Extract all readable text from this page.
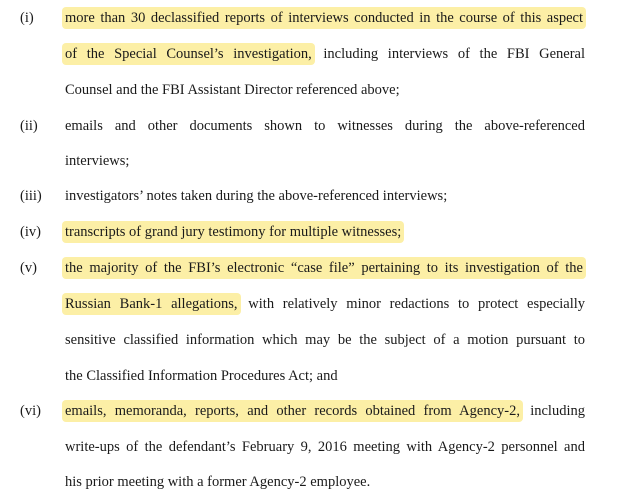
(i) more than 30 declassified reports of interviews conducted in the course of this aspect
of the Special Counsel’s investigation, including interviews of the FBI General
Counsel and the FBI Assistant Director referenced above;
(ii) emails and other documents shown to witnesses during the above-referenced
interviews;
(iii) investigators’ notes taken during the above-referenced interviews;
(iv) transcripts of grand jury testimony for multiple witnesses;
(v) the majority of the FBI’s electronic “case file” pertaining to its investigation of the
Russian Bank-1 allegations, with relatively minor redactions to protect especially
sensitive classified information which may be the subject of a motion pursuant to
the Classified Information Procedures Act; and
(vi) emails, memoranda, reports, and other records obtained from Agency-2, including
write-ups of the defendant’s February 9, 2016 meeting with Agency-2 personnel and
his prior meeting with a former Agency-2 employee.
